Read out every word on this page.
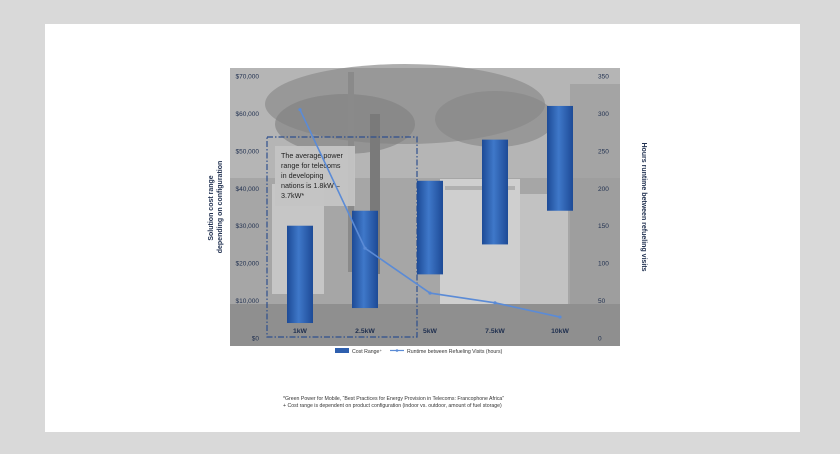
$0
$10,000
$20,000
$30,000
$40,000
$50,000
$60,000
$70,000
0
50
100
150
200
250
300
350
Solution cost range depending on configuration	Hours runtime between refueling visits
The average power range for telecoms in developing nations is 1.8kW – 3.7kW*
1kW	2.5kW	5kW	7.5kW	10kW
Cost Range⁺	Runtime between Refueling Visits (hours)
*Green Power for Mobile, “Best Practices for Energy Provision in Telecoms: Francophone Africa”
+ Cost range is dependent on product configuration (indoor vs. outdoor, amount of fuel storage)
